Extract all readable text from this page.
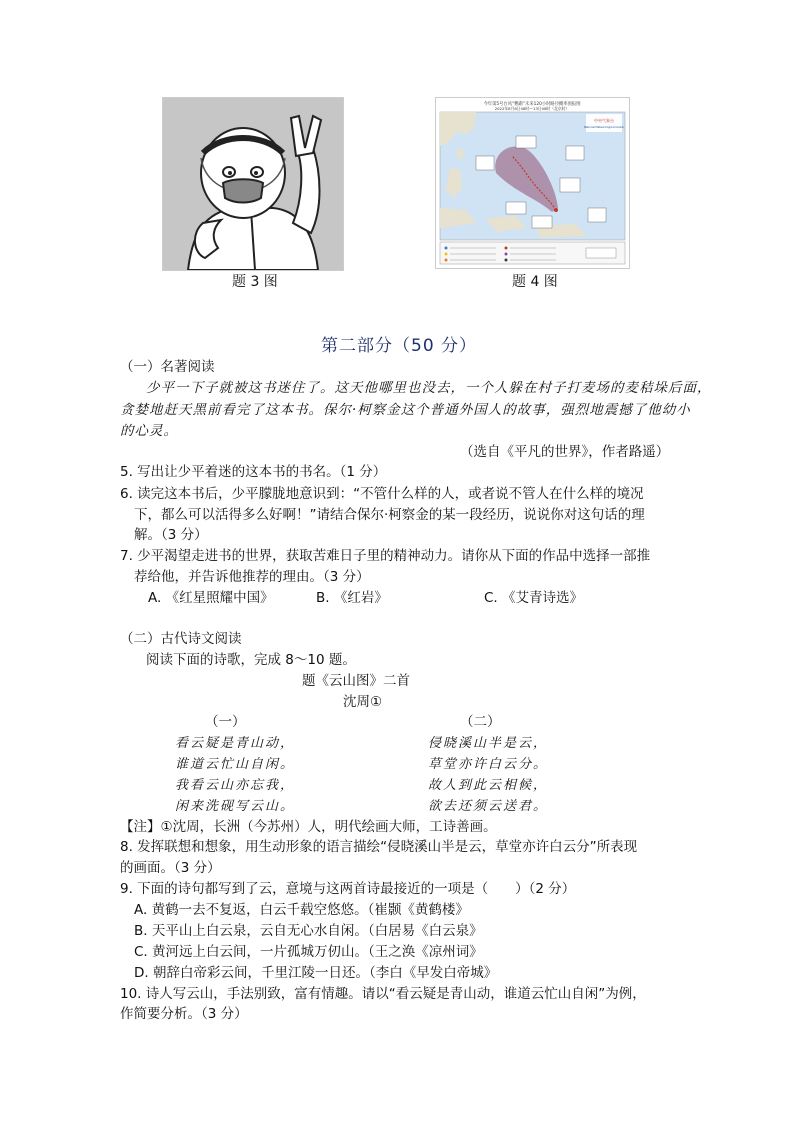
题 3 图
今年第5号台风“鹦鹉”未来120小时路径概率预报图
2022年8月8日08时～13日08时（北京时）
中央气象台
National Meteorological Center
题 4 图
第二部分（50 分）
（一）名著阅读
少平一下子就被这书迷住了。这天他哪里也没去，一个人躲在村子打麦场的麦秸垛后面，
贪婪地赶天黑前看完了这本书。保尔·柯察金这个普通外国人的故事，强烈地震撼了他幼小
的心灵。
（选自《平凡的世界》，作者路遥）
5. 写出让少平着迷的这本书的书名。（1 分）
6. 读完这本书后，少平朦胧地意识到：“不管什么样的人，或者说不管人在什么样的境况
下，都么可以活得多么好啊！”请结合保尔·柯察金的某一段经历，说说你对这句话的理
解。（3 分）
7. 少平渴望走进书的世界，获取苦难日子里的精神动力。请你从下面的作品中选择一部推
荐给他，并告诉他推荐的理由。（3 分）
A. 《红星照耀中国》	B. 《红岩》	C. 《艾青诗选》
（二）古代诗文阅读
阅读下面的诗歌，完成 8～10 题。
题《云山图》二首
沈周①
（一）	（二）
看云疑是青山动，
谁道云忙山自闲。
我看云山亦忘我，
闲来洗砚写云山。
侵晓溪山半是云，
草堂亦许白云分。
故人到此云相候，
欲去还须云送君。
【注】①沈周，长洲（今苏州）人，明代绘画大师，工诗善画。
8. 发挥联想和想象，用生动形象的语言描绘“侵晓溪山半是云，草堂亦许白云分”所表现
的画面。（3 分）
9. 下面的诗句都写到了云，意境与这两首诗最接近的一项是（　　）（2 分）
A. 黄鹤一去不复返，白云千载空悠悠。（崔颢《黄鹤楼》
B. 天平山上白云泉，云自无心水自闲。（白居易《白云泉》
C. 黄河远上白云间，一片孤城万仞山。（王之涣《凉州词》
D. 朝辞白帝彩云间，千里江陵一日还。（李白《早发白帝城》
10. 诗人写云山，手法别致，富有情趣。请以“看云疑是青山动，谁道云忙山自闲”为例，
作简要分析。（3 分）
